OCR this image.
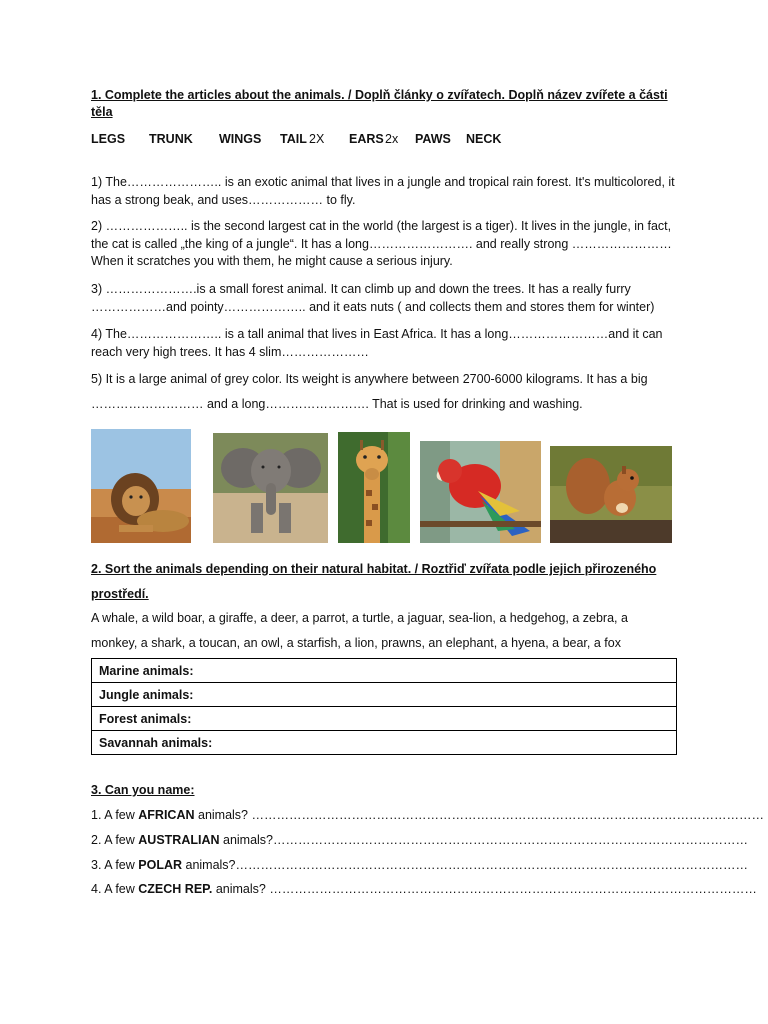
1. Complete the articles about the animals. / Doplň články o zvířatech. Doplň název zvířete a části
těla
LEGS TRUNK WINGS TAIL 2X EARS 2x PAWS NECK
1) The………………….. is an exotic animal that lives in a jungle and tropical rain forest. It's multicolored, it has a strong beak, and uses……………… to fly.
2) ……………….. is the second largest cat in the world (the largest is a tiger). It lives in the jungle, in fact, the cat is called „the king of a jungle“. It has a long……………………. and really strong …………………… When it scratches you with them, he might cause a serious injury.
3) ………………….is a small forest animal. It can climb up and down the trees. It has a really furry ………………and pointy……………….. and it eats nuts ( and collects them and stores them for winter)
4) The………………….. is a tall animal that lives in East Africa. It has a long……………………and it can reach very high trees. It has 4 slim…………………
5) It is a large animal of grey color. Its weight is anywhere between 2700-6000 kilograms. It has a big
……………………… and a long……………………. That is used for drinking and washing.
2. Sort the animals depending on their natural habitat. / Roztřiď zvířata podle jejich přirozeného
prostředí.
A whale, a wild boar, a giraffe, a deer, a parrot, a turtle, a jaguar, sea-lion, a hedgehog, a zebra, a
monkey, a shark, a toucan, an owl, a starfish, a lion, prawns, an elephant, a hyena, a bear, a fox
Marine animals:
Jungle animals:
Forest animals:
Savannah animals:
3. Can you name:
1. A few AFRICAN animals? ……………………………………………………………………………………………………………
2. A few AUSTRALIAN animals?……………………………………………………………………………………………………
3. A few POLAR animals?……………………………………………………………………………………………………………
4. A few CZECH REP. animals? ………………………………………………………………………………………………………
